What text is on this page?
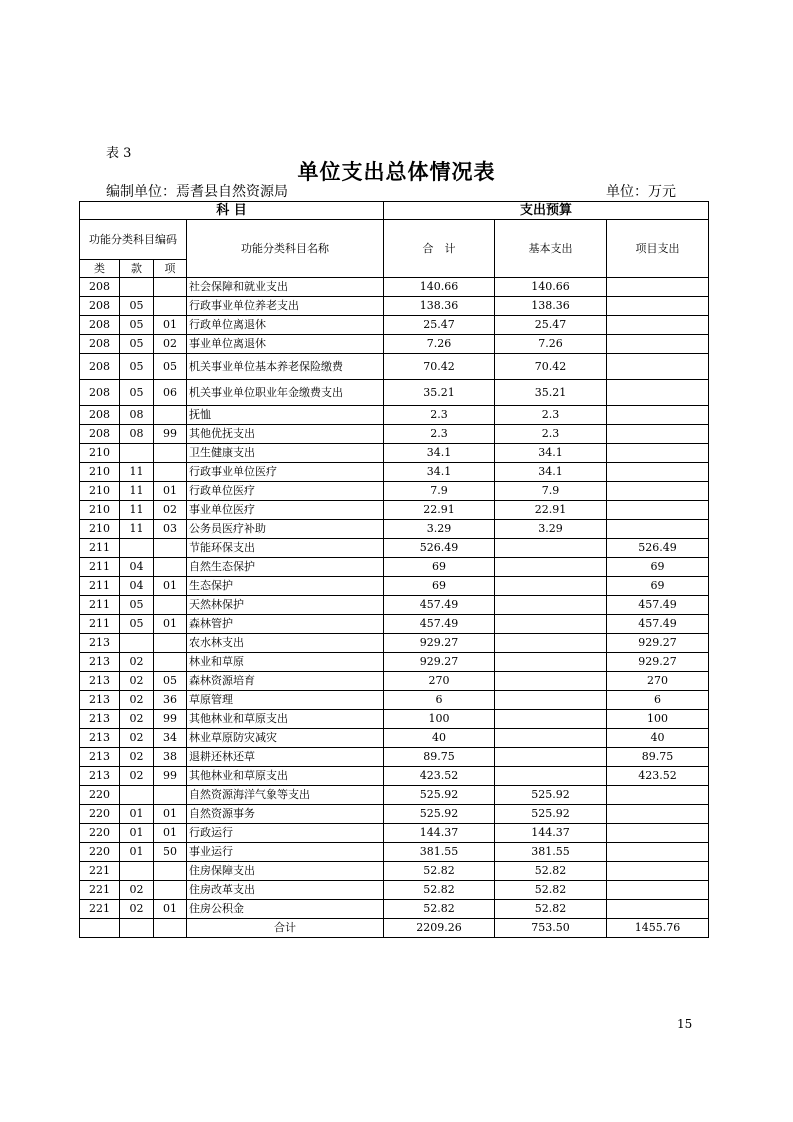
表 3
单位支出总体情况表
编制单位：焉耆县自然资源局	单位：万元
科 目				支出预算		
功能分类科目编码			功能分类科目名称	合　计	基本支出	项目支出
类	款	项				
208			社会保障和就业支出	140.66	140.66	
208	05		行政事业单位养老支出	138.36	138.36	
208	05	01	行政单位离退休	25.47	25.47	
208	05	02	事业单位离退休	7.26	7.26	
208	05	05	机关事业单位基本养老保险缴费	70.42	70.42	
208	05	06	机关事业单位职业年金缴费支出	35.21	35.21	
208	08		抚恤	2.3	2.3	
208	08	99	其他优抚支出	2.3	2.3	
210			卫生健康支出	34.1	34.1	
210	11		行政事业单位医疗	34.1	34.1	
210	11	01	行政单位医疗	7.9	7.9	
210	11	02	事业单位医疗	22.91	22.91	
210	11	03	公务员医疗补助	3.29	3.29	
211			节能环保支出	526.49		526.49
211	04		自然生态保护	69		69
211	04	01	生态保护	69		69
211	05		天然林保护	457.49		457.49
211	05	01	森林管护	457.49		457.49
213			农水林支出	929.27		929.27
213	02		林业和草原	929.27		929.27
213	02	05	森林资源培育	270		270
213	02	36	草原管理	6		6
213	02	99	其他林业和草原支出	100		100
213	02	34	林业草原防灾减灾	40		40
213	02	38	退耕还林还草	89.75		89.75
213	02	99	其他林业和草原支出	423.52		423.52
220			自然资源海洋气象等支出	525.92	525.92	
220	01	01	自然资源事务	525.92	525.92	
220	01	01	行政运行	144.37	144.37	
220	01	50	事业运行	381.55	381.55	
221			住房保障支出	52.82	52.82	
221	02		住房改革支出	52.82	52.82	
221	02	01	住房公积金	52.82	52.82	
			合计	2209.26	753.50	1455.76
15
